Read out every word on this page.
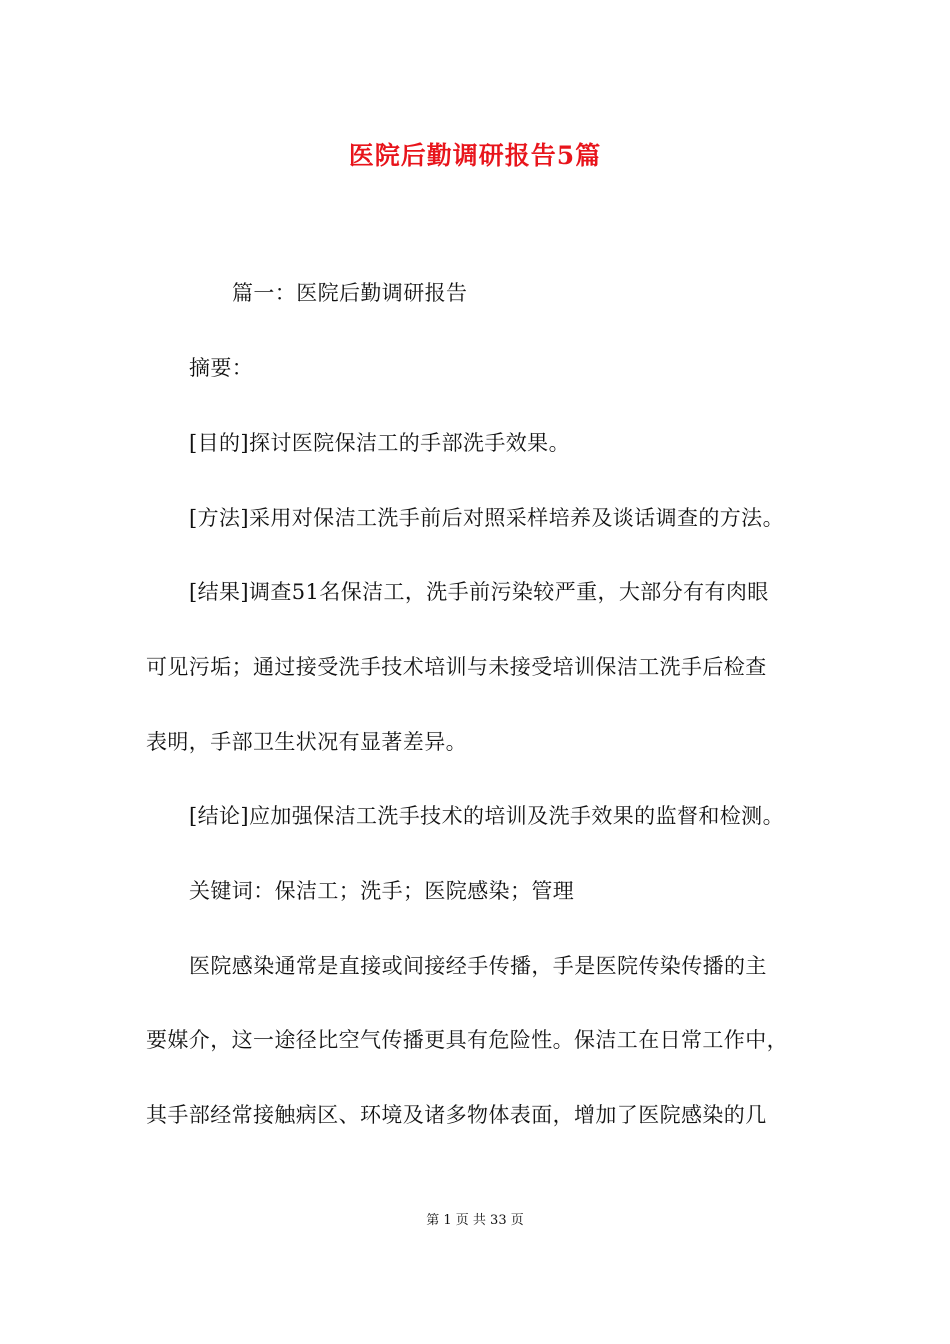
医院后勤调研报告5篇
篇一：医院后勤调研报告
摘要：
[目的]探讨医院保洁工的手部洗手效果。
[方法]采用对保洁工洗手前后对照采样培养及谈话调查的方法。
[结果]调查51名保洁工，洗手前污染较严重，大部分有有肉眼
可见污垢；通过接受洗手技术培训与未接受培训保洁工洗手后检查
表明，手部卫生状况有显著差异。
[结论]应加强保洁工洗手技术的培训及洗手效果的监督和检测。
关键词：保洁工；洗手；医院感染；管理
医院感染通常是直接或间接经手传播，手是医院传染传播的主
要媒介，这一途径比空气传播更具有危险性。保洁工在日常工作中，
其手部经常接触病区、环境及诸多物体表面，增加了医院感染的几
第 1 页 共 33 页
